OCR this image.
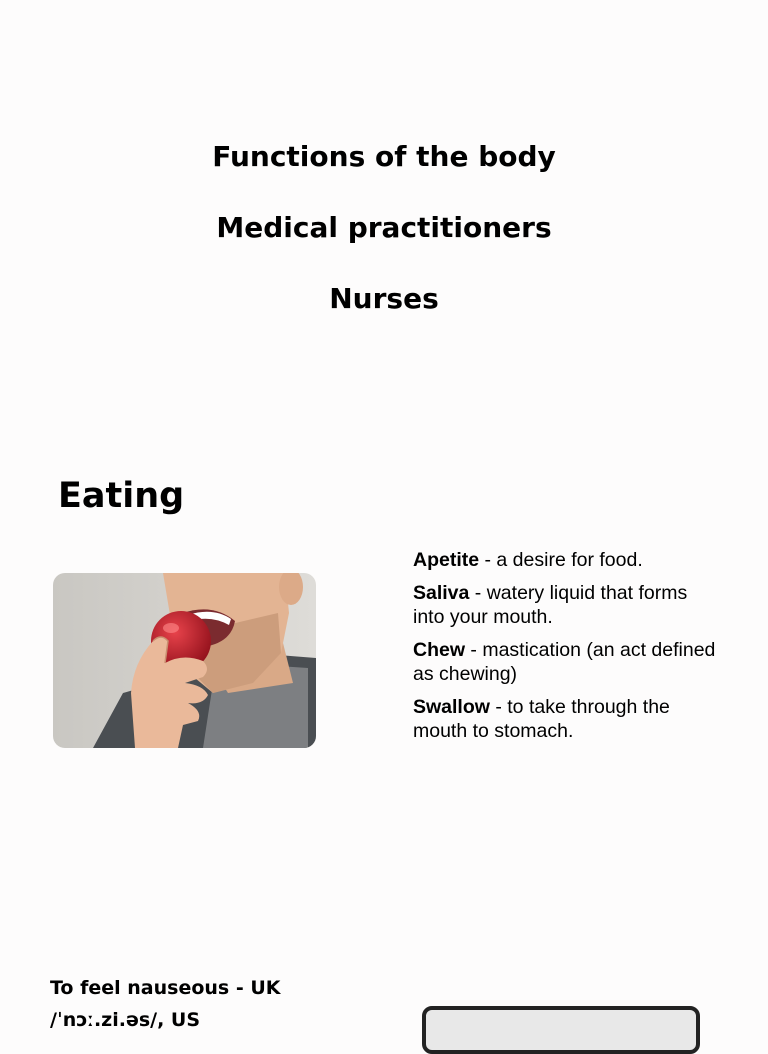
Functions of the body
Medical practitioners
Nurses
Eating
Apetite - a desire for food.
Saliva - watery liquid that forms into your mouth.
Chew - mastication (an act defined as chewing)
Swallow - to take through the mouth to stomach.
To feel nauseous - UK
/ˈnɔː.zi.əs/, US
